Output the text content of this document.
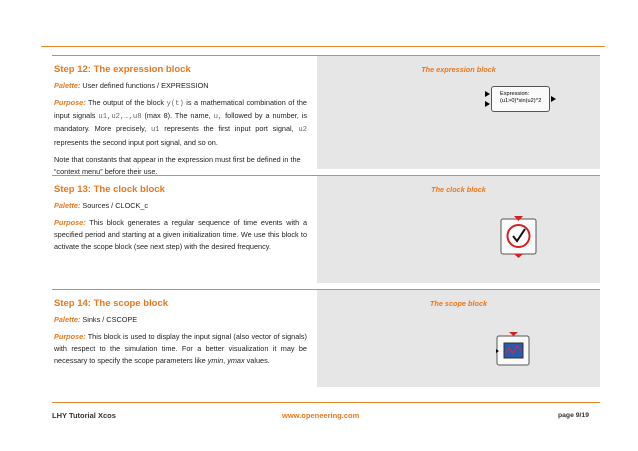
Step 12: The expression block
Palette: User defined functions / EXPRESSION
Purpose: The output of the block y(t) is a mathematical combination of the input signals u1,u2,…,u8 (max 8). The name, u, followed by a number, is mandatory. More precisely, u1 represents the first input port signal, u2 represents the second input port signal, and so on.
Note that constants that appear in the expression must first be defined in the “context menu” before their use.
The expression block
Expression:
(u1>0)*sin(u2)^2
Step 13: The clock block
Palette: Sources / CLOCK_c
Purpose: This block generates a regular sequence of time events with a specified period and starting at a given initialization time. We use this block to activate the scope block (see next step) with the desired frequency.
The clock block
Step 14: The scope block
Palette: Sinks / CSCOPE
Purpose: This block is used to display the input signal (also vector of signals) with respect to the simulation time. For a better visualization it may be necessary to specify the scope parameters like ymin, ymax values.
The scope block
LHY Tutorial Xcos	www.openeering.com	page 9/19
